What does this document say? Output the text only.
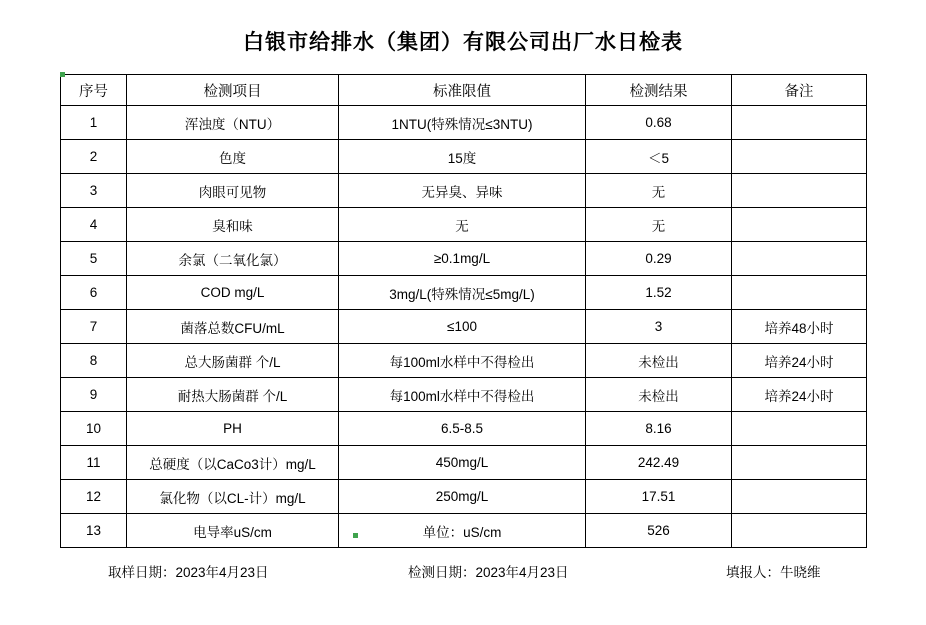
白银市给排水（集团）有限公司出厂水日检表
序号	检测项目	标准限值	检测结果	备注
1	浑浊度（NTU）	1NTU(特殊情况≤3NTU)	0.68	
2	色度	15度	＜5	
3	肉眼可见物	无异臭、异味	无	
4	臭和味	无	无	
5	余氯（二氧化氯）	≥0.1mg/L	0.29	
6	COD mg/L	3mg/L(特殊情况≤5mg/L)	1.52	
7	菌落总数CFU/mL	≤100	3	培养48小时
8	总大肠菌群 个/L	每100ml水样中不得检出	未检出	培养24小时
9	耐热大肠菌群 个/L	每100ml水样中不得检出	未检出	培养24小时
10	PH	6.5-8.5	8.16	
11	总硬度（以CaCo3计）mg/L	450mg/L	242.49	
12	氯化物（以CL-计）mg/L	250mg/L	17.51	
13	电导率uS/cm	单位：uS/cm	526	
取样日期：2023年4月23日	检测日期：2023年4月23日	填报人：牛晓维
